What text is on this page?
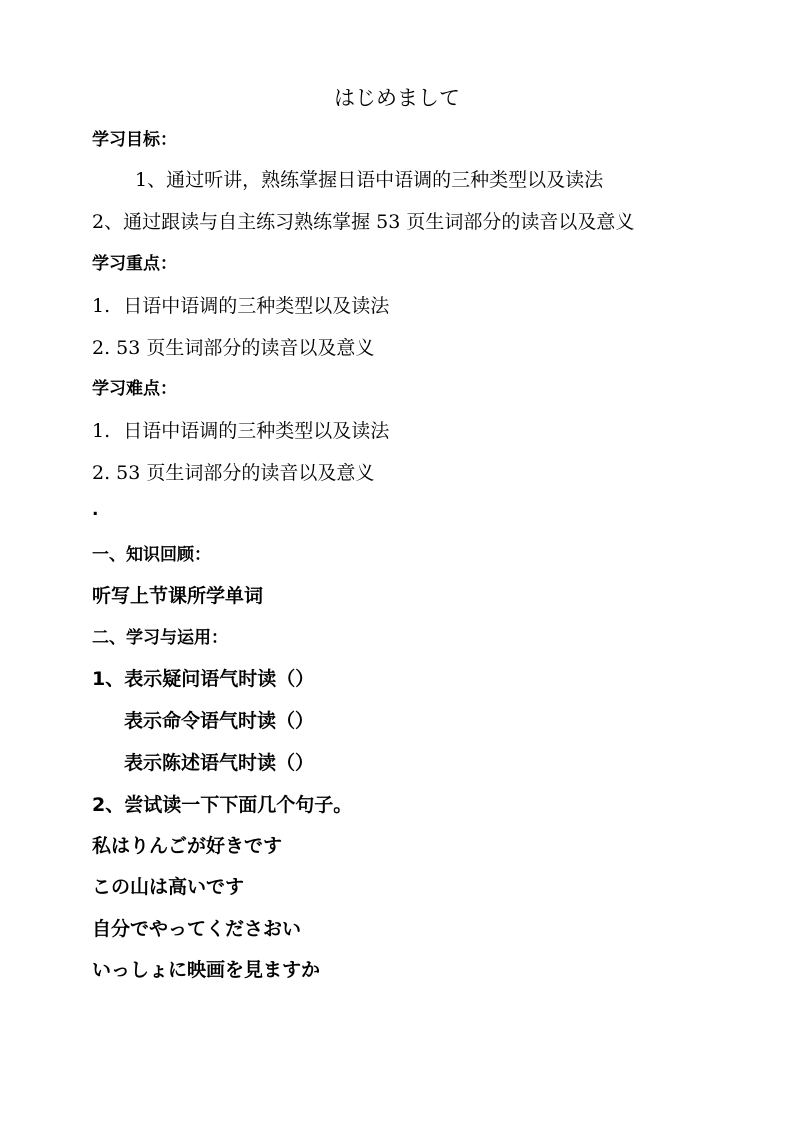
はじめまして
学习目标：
1、通过听讲，熟练掌握日语中语调的三种类型以及读法
2、通过跟读与自主练习熟练掌握 53 页生词部分的读音以及意义
学习重点：
1. 日语中语调的三种类型以及读法
2. 53 页生词部分的读音以及意义
学习难点：
1. 日语中语调的三种类型以及读法
2. 53 页生词部分的读音以及意义
.
一、知识回顾：
听写上节课所学单词
二、学习与运用：
1、表示疑问语气时读（）
表示命令语气时读（）
表示陈述语气时读（）
2、尝试读一下下面几个句子。
私はりんごが好きです
この山は高いです
自分でやってくださおい
いっしょに映画を見ますか
